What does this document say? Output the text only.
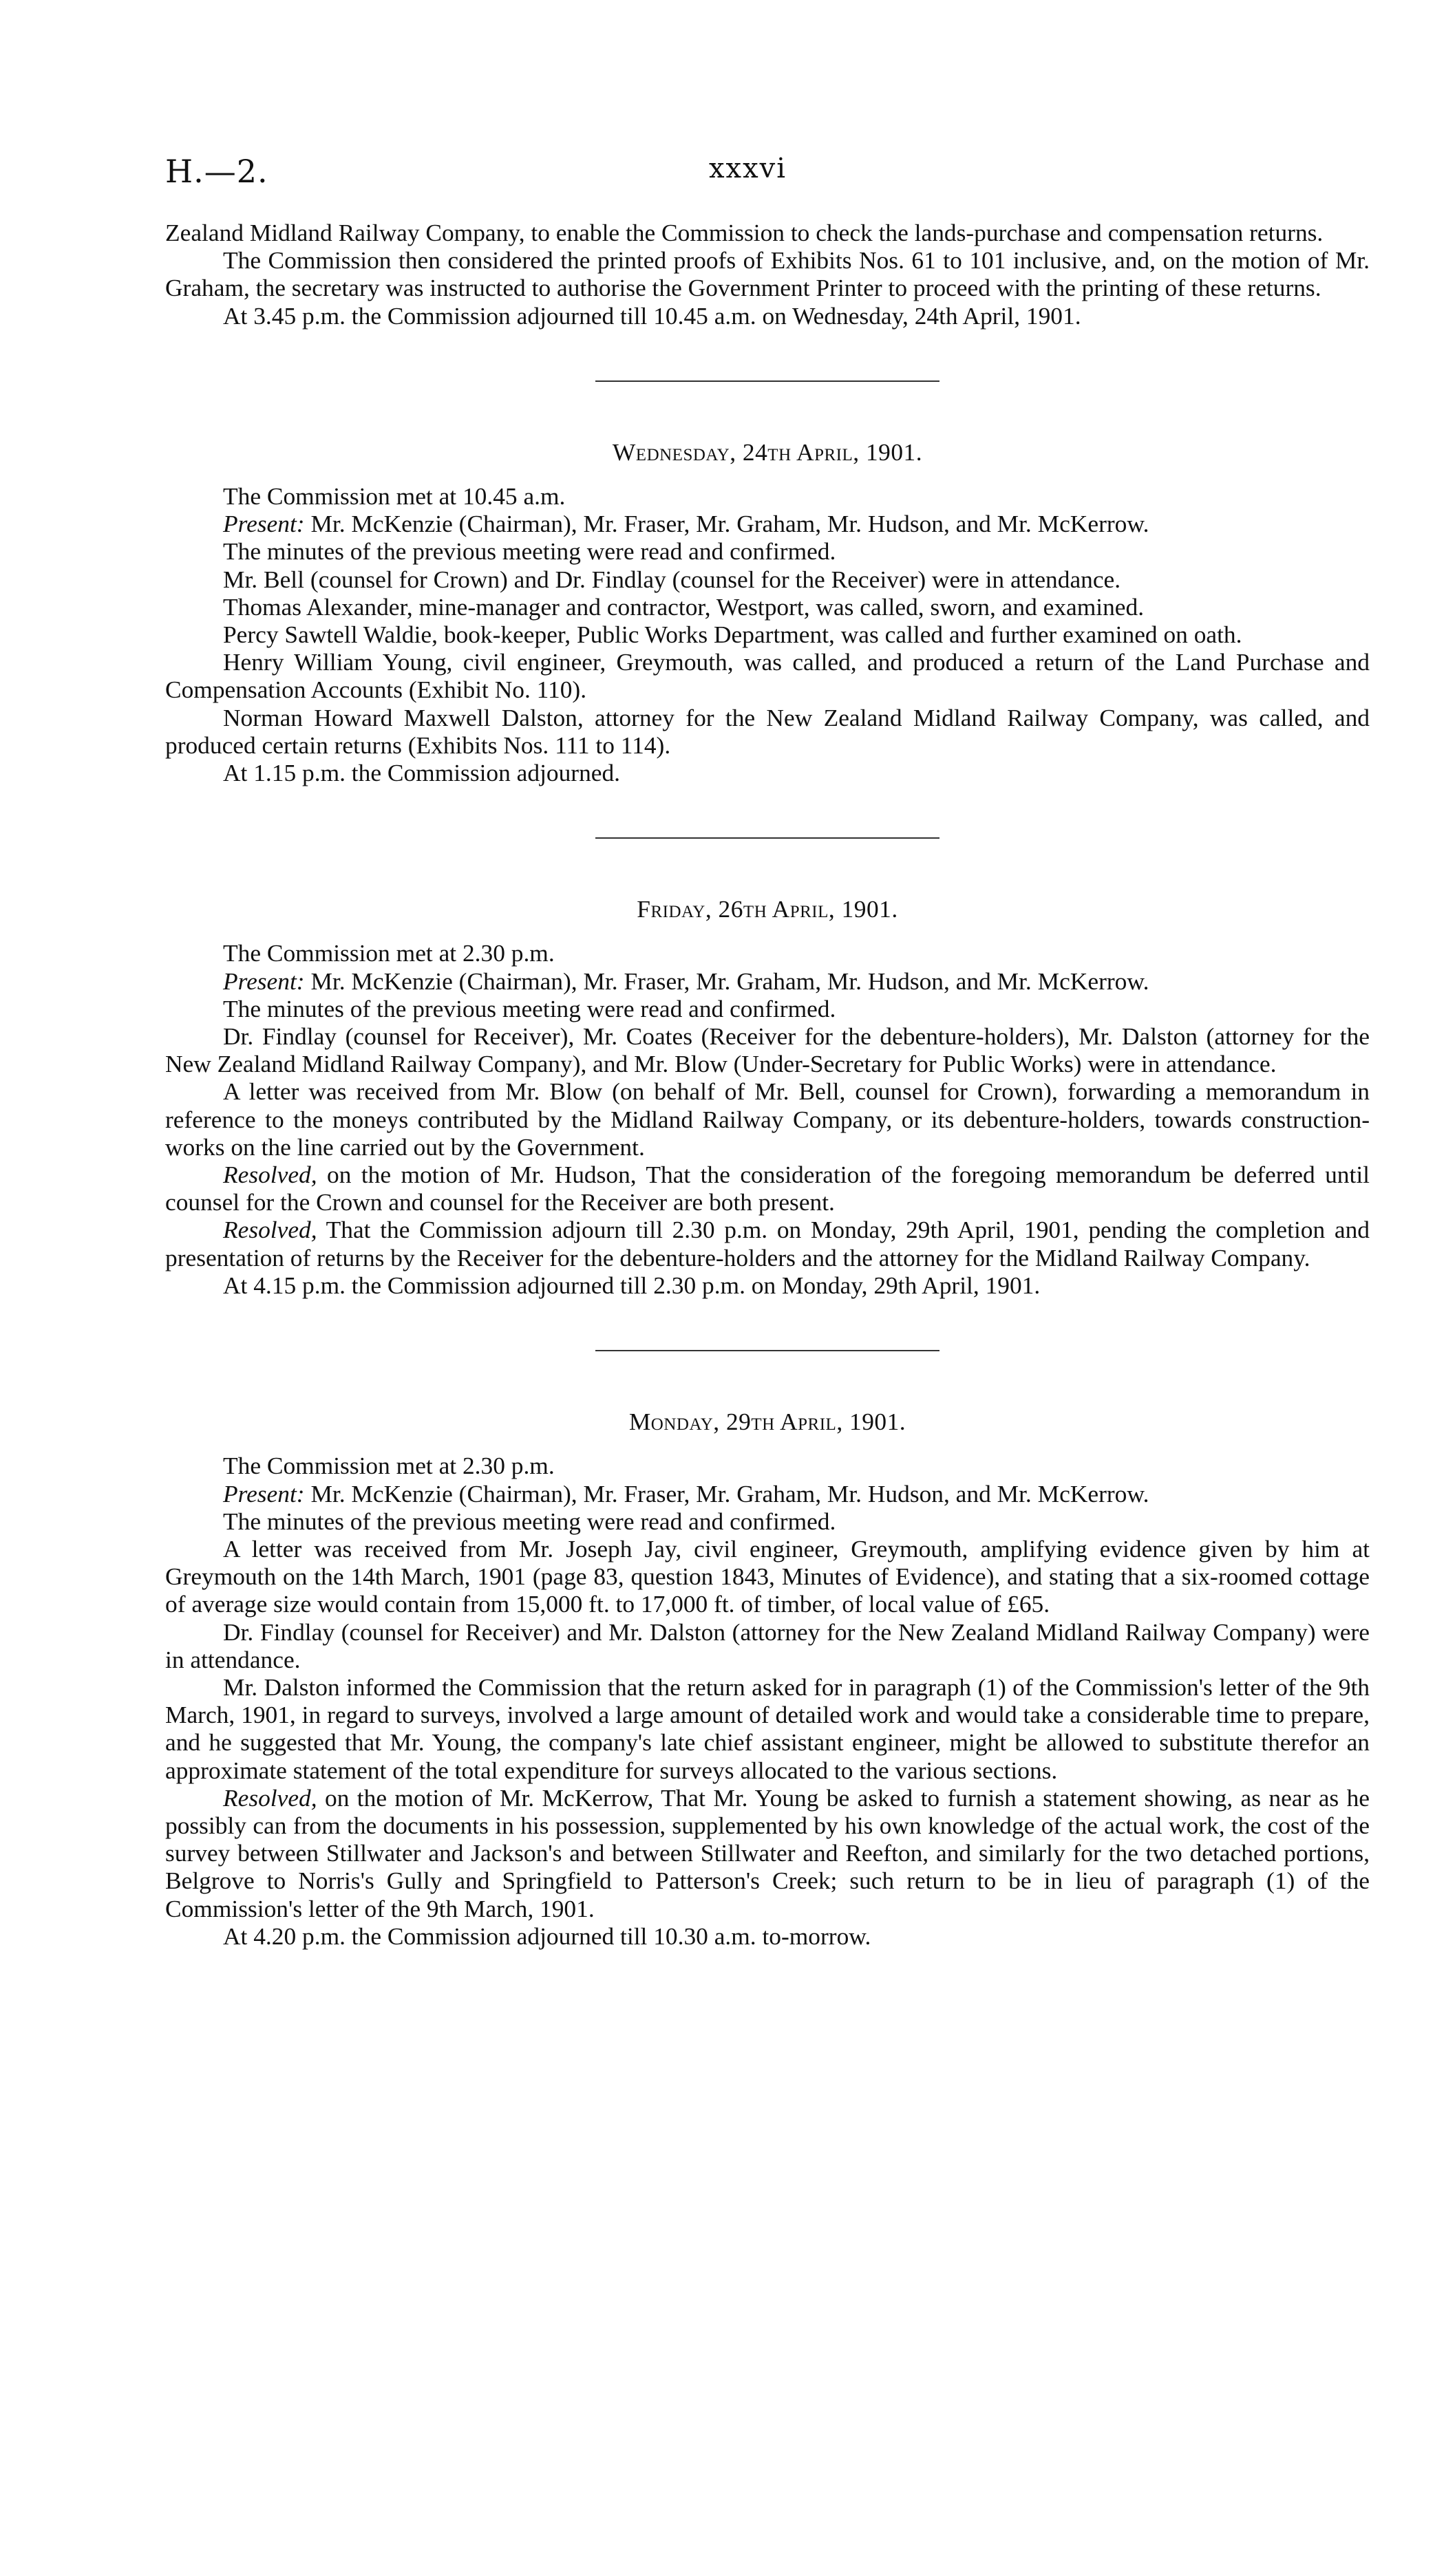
H.—2.	xxxvi

Zealand Midland Railway Company, to enable the Commission to check the lands-purchase and compensation returns.

The Commission then considered the printed proofs of Exhibits Nos. 61 to 101 inclusive, and, on the motion of Mr. Graham, the secretary was instructed to authorise the Government Printer to proceed with the printing of these returns.

At 3.45 p.m. the Commission adjourned till 10.45 a.m. on Wednesday, 24th April, 1901.

Wednesday, 24th April, 1901.

The Commission met at 10.45 a.m.

Present: Mr. McKenzie (Chairman), Mr. Fraser, Mr. Graham, Mr. Hudson, and Mr. McKerrow.

The minutes of the previous meeting were read and confirmed.

Mr. Bell (counsel for Crown) and Dr. Findlay (counsel for the Receiver) were in attendance.

Thomas Alexander, mine-manager and contractor, Westport, was called, sworn, and examined.

Percy Sawtell Waldie, book-keeper, Public Works Department, was called and further examined on oath.

Henry William Young, civil engineer, Greymouth, was called, and produced a return of the Land Purchase and Compensation Accounts (Exhibit No. 110).

Norman Howard Maxwell Dalston, attorney for the New Zealand Midland Railway Company, was called, and produced certain returns (Exhibits Nos. 111 to 114).

At 1.15 p.m. the Commission adjourned.

Friday, 26th April, 1901.

The Commission met at 2.30 p.m.

Present: Mr. McKenzie (Chairman), Mr. Fraser, Mr. Graham, Mr. Hudson, and Mr. McKerrow.

The minutes of the previous meeting were read and confirmed.

Dr. Findlay (counsel for Receiver), Mr. Coates (Receiver for the debenture-holders), Mr. Dalston (attorney for the New Zealand Midland Railway Company), and Mr. Blow (Under-Secretary for Public Works) were in attendance.

A letter was received from Mr. Blow (on behalf of Mr. Bell, counsel for Crown), forwarding a memorandum in reference to the moneys contributed by the Midland Railway Company, or its debenture-holders, towards construction-works on the line carried out by the Government.

Resolved, on the motion of Mr. Hudson, That the consideration of the foregoing memorandum be deferred until counsel for the Crown and counsel for the Receiver are both present.

Resolved, That the Commission adjourn till 2.30 p.m. on Monday, 29th April, 1901, pending the completion and presentation of returns by the Receiver for the debenture-holders and the attorney for the Midland Railway Company.

At 4.15 p.m. the Commission adjourned till 2.30 p.m. on Monday, 29th April, 1901.

Monday, 29th April, 1901.

The Commission met at 2.30 p.m.

Present: Mr. McKenzie (Chairman), Mr. Fraser, Mr. Graham, Mr. Hudson, and Mr. McKerrow.

The minutes of the previous meeting were read and confirmed.

A letter was received from Mr. Joseph Jay, civil engineer, Greymouth, amplifying evidence given by him at Greymouth on the 14th March, 1901 (page 83, question 1843, Minutes of Evidence), and stating that a six-roomed cottage of average size would contain from 15,000 ft. to 17,000 ft. of timber, of local value of £65.

Dr. Findlay (counsel for Receiver) and Mr. Dalston (attorney for the New Zealand Midland Railway Company) were in attendance.

Mr. Dalston informed the Commission that the return asked for in paragraph (1) of the Commission's letter of the 9th March, 1901, in regard to surveys, involved a large amount of detailed work and would take a considerable time to prepare, and he suggested that Mr. Young, the company's late chief assistant engineer, might be allowed to substitute therefor an approximate statement of the total expenditure for surveys allocated to the various sections.

Resolved, on the motion of Mr. McKerrow, That Mr. Young be asked to furnish a statement showing, as near as he possibly can from the documents in his possession, supplemented by his own knowledge of the actual work, the cost of the survey between Stillwater and Jackson's and between Stillwater and Reefton, and similarly for the two detached portions, Belgrove to Norris's Gully and Springfield to Patterson's Creek; such return to be in lieu of paragraph (1) of the Commission's letter of the 9th March, 1901.

At 4.20 p.m. the Commission adjourned till 10.30 a.m. to-morrow.
